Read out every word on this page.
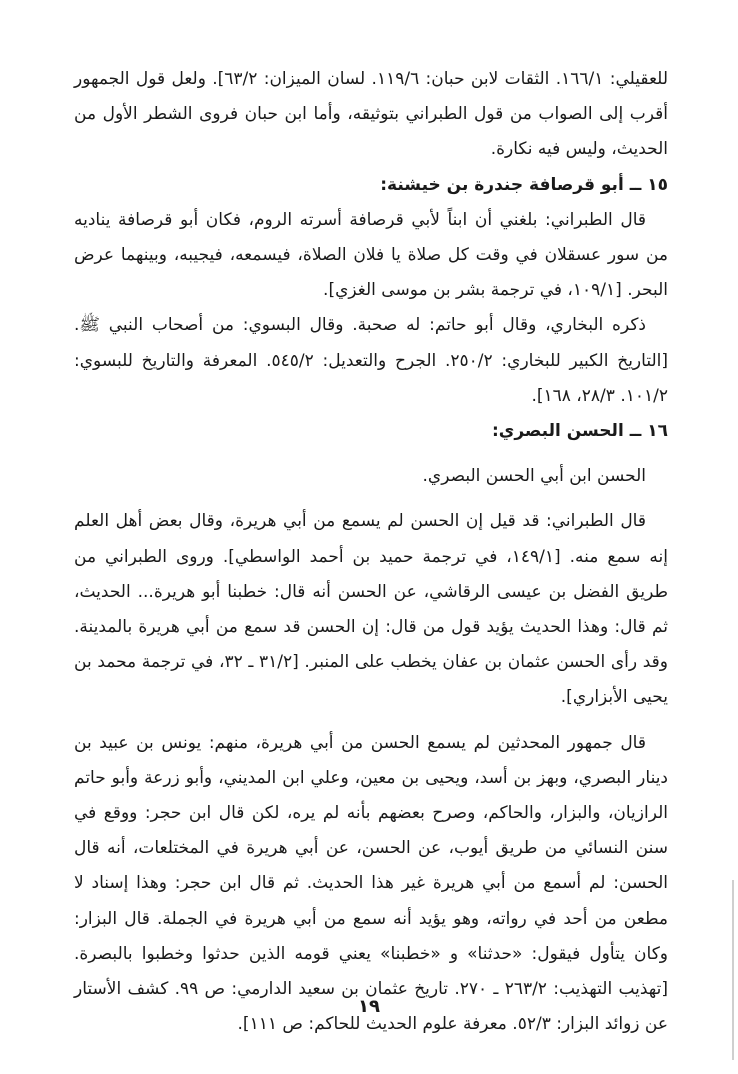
للعقيلي: ١٦٦/١. الثقات لابن حبان: ١١٩/٦. لسان الميزان: ٦٣/٢]. ولعل قول الجمهور أقرب إلى الصواب من قول الطبراني بتوثيقه، وأما ابن حبان فروى الشطر الأول من الحديث، وليس فيه نكارة.

١٥ ــ أبو قرصافة جندرة بن خيشنة:

قال الطبراني: بلغني أن ابناً لأبي قرصافة أسرته الروم، فكان أبو قرصافة يناديه من سور عسقلان في وقت كل صلاة يا فلان الصلاة، فيسمعه، فيجيبه، وبينهما عرض البحر. [١٠٩/١، في ترجمة بشر بن موسى الغزي].

ذكره البخاري، وقال أبو حاتم: له صحبة. وقال البسوي: من أصحاب النبي ﷺ. [التاريخ الكبير للبخاري: ٢٥٠/٢. الجرح والتعديل: ٥٤٥/٢. المعرفة والتاريخ للبسوي: ١٠١/٢. ٢٨/٣، ١٦٨].

١٦ ــ الحسن البصري:

الحسن ابن أبي الحسن البصري.

قال الطبراني: قد قيل إن الحسن لم يسمع من أبي هريرة، وقال بعض أهل العلم إنه سمع منه. [١٤٩/١، في ترجمة حميد بن أحمد الواسطي]. وروى الطبراني من طريق الفضل بن عيسى الرقاشي، عن الحسن أنه قال: خطبنا أبو هريرة... الحديث، ثم قال: وهذا الحديث يؤيد قول من قال: إن الحسن قد سمع من أبي هريرة بالمدينة. وقد رأى الحسن عثمان بن عفان يخطب على المنبر. [٣١/٢ ـ ٣٢، في ترجمة محمد بن يحيى الأبزاري].

قال جمهور المحدثين لم يسمع الحسن من أبي هريرة، منهم: يونس بن عبيد بن دينار البصري، وبهز بن أسد، ويحيى بن معين، وعلي ابن المديني، وأبو زرعة وأبو حاتم الرازيان، والبزار، والحاكم، وصرح بعضهم بأنه لم يره، لكن قال ابن حجر: ووقع في سنن النسائي من طريق أيوب، عن الحسن، عن أبي هريرة في المختلعات، أنه قال الحسن: لم أسمع من أبي هريرة غير هذا الحديث. ثم قال ابن حجر: وهذا إسناد لا مطعن من أحد في رواته، وهو يؤيد أنه سمع من أبي هريرة في الجملة. قال البزار: وكان يتأول فيقول: «حدثنا» و «خطبنا» يعني قومه الذين حدثوا وخطبوا بالبصرة. [تهذيب التهذيب: ٢٦٣/٢ ـ ٢٧٠. تاريخ عثمان بن سعيد الدارمي: ص ٩٩. كشف الأستار عن زوائد البزار: ٥٢/٣. معرفة علوم الحديث للحاكم: ص ١١١].

١٩
